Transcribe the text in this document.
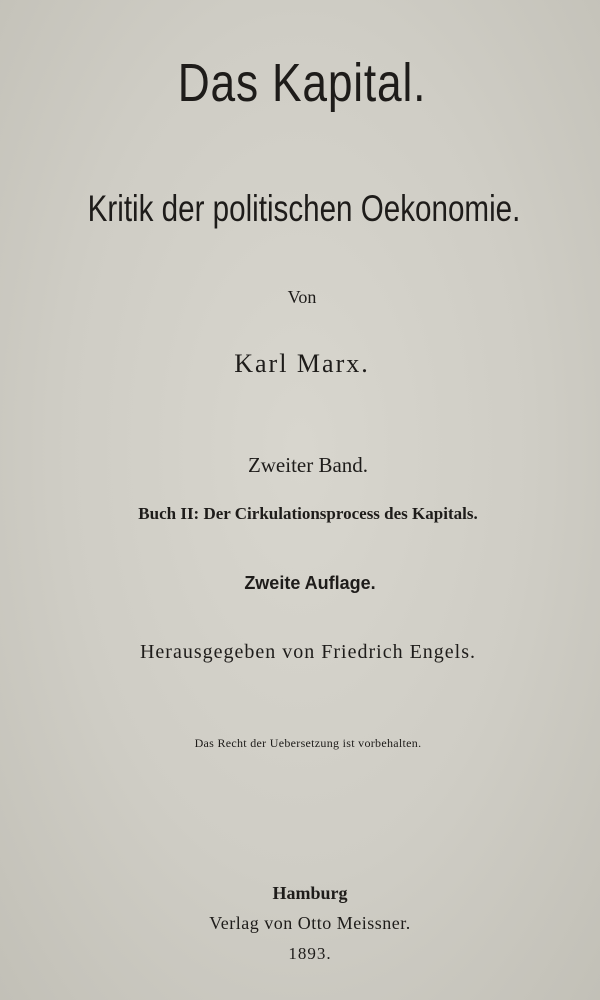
Das Kapital.
Kritik der politischen Oekonomie.
Von
Karl Marx.
Zweiter Band.
Buch II: Der Cirkulationsprocess des Kapitals.
Zweite Auflage.
Herausgegeben von Friedrich Engels.
Das Recht der Uebersetzung ist vorbehalten.
Hamburg
Verlag von Otto Meissner.
1893.
